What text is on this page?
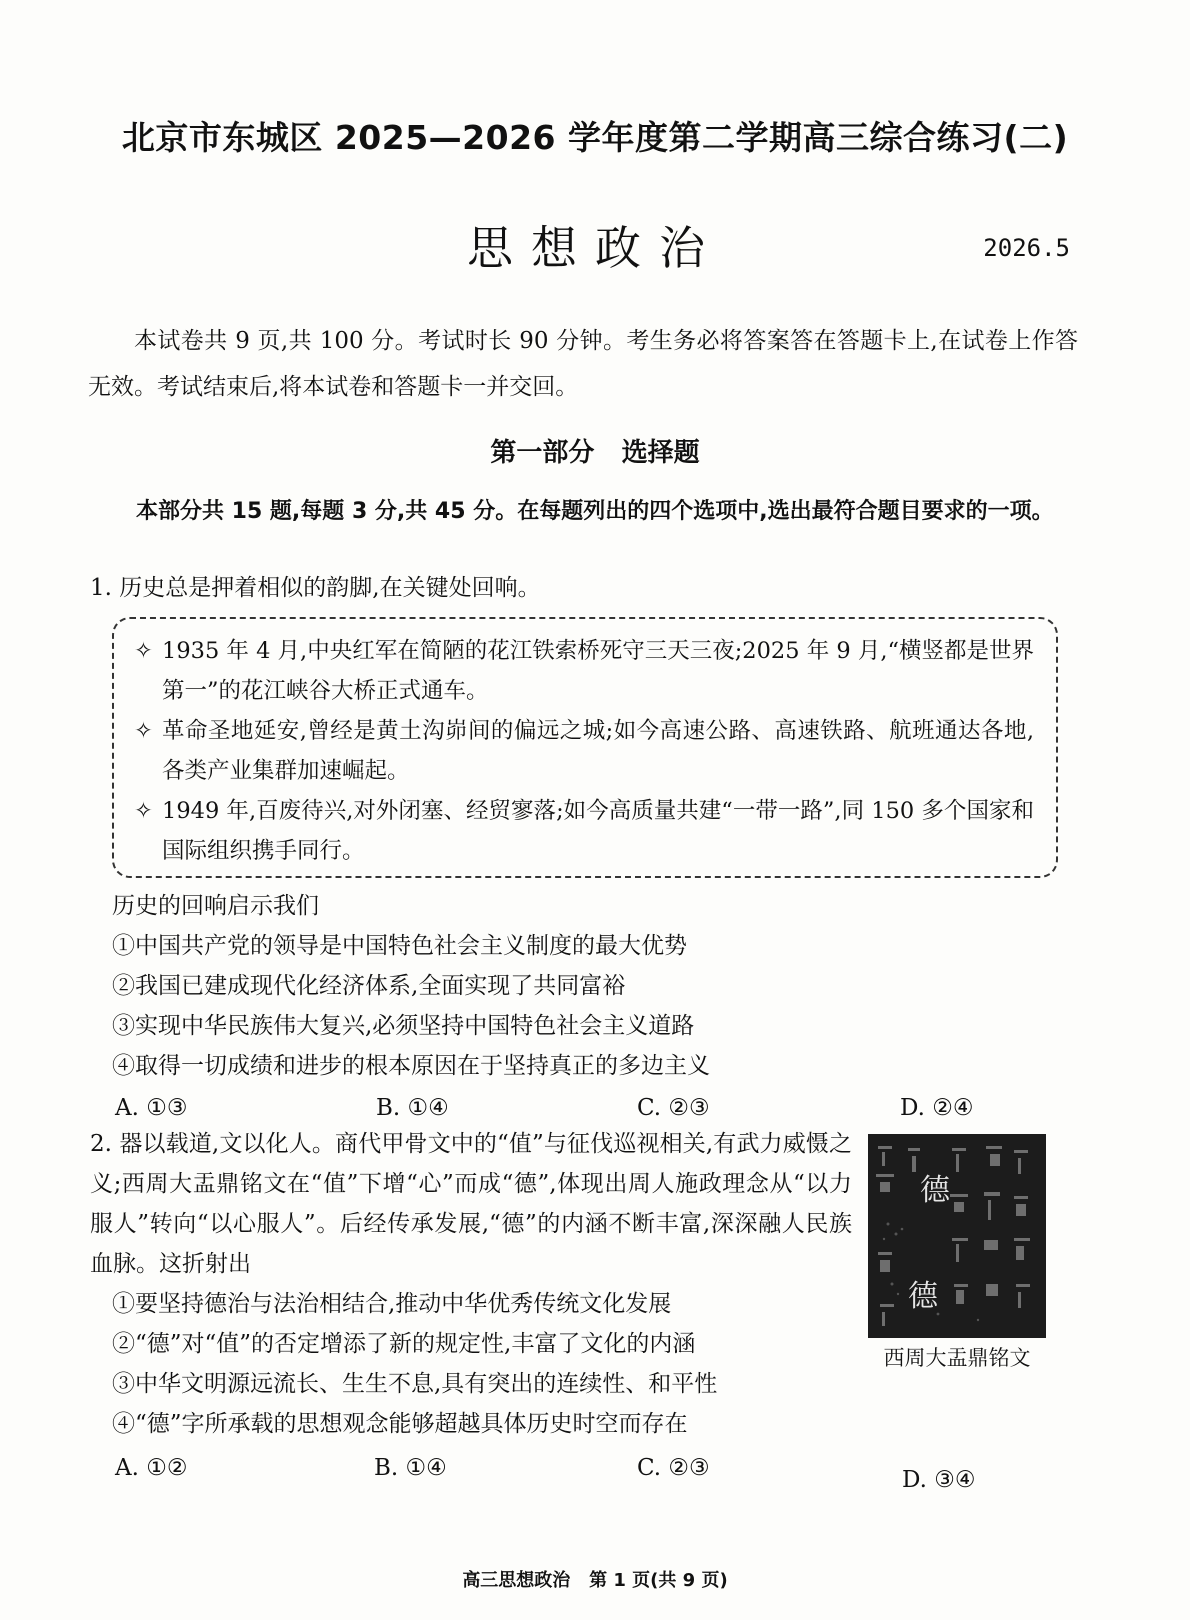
北京市东城区 2025—2026 学年度第二学期高三综合练习(二)
思想政治	2026.5
本试卷共 9 页,共 100 分。考试时长 90 分钟。考生务必将答案答在答题卡上,在试卷上作答无效。考试结束后,将本试卷和答题卡一并交回。
第一部分   选择题
本部分共 15 题,每题 3 分,共 45 分。在每题列出的四个选项中,选出最符合题目要求的一项。
1. 历史总是押着相似的韵脚,在关键处回响。
✧ 1935 年 4 月,中央红军在简陋的花江铁索桥死守三天三夜;2025 年 9 月,“横竖都是世界第一”的花江峡谷大桥正式通车。
✧ 革命圣地延安,曾经是黄土沟峁间的偏远之城;如今高速公路、高速铁路、航班通达各地,各类产业集群加速崛起。
✧ 1949 年,百废待兴,对外闭塞、经贸寥落;如今高质量共建“一带一路”,同 150 多个国家和国际组织携手同行。
历史的回响启示我们
①中国共产党的领导是中国特色社会主义制度的最大优势
②我国已建成现代化经济体系,全面实现了共同富裕
③实现中华民族伟大复兴,必须坚持中国特色社会主义道路
④取得一切成绩和进步的根本原因在于坚持真正的多边主义
A. ①③	B. ①④	C. ②③	D. ②④
2. 器以载道,文以化人。商代甲骨文中的“值”与征伐巡视相关,有武力威慑之义;西周大盂鼎铭文在“值”下增“心”而成“德”,体现出周人施政理念从“以力服人”转向“以心服人”。后经传承发展,“德”的内涵不断丰富,深深融人民族血脉。这折射出
德
德
西周大盂鼎铭文
①要坚持德治与法治相结合,推动中华优秀传统文化发展
②“德”对“值”的否定增添了新的规定性,丰富了文化的内涵
③中华文明源远流长、生生不息,具有突出的连续性、和平性
④“德”字所承载的思想观念能够超越具体历史时空而存在
A. ①②	B. ①④	C. ②③	D. ③④
高三思想政治   第 1 页(共 9 页)
